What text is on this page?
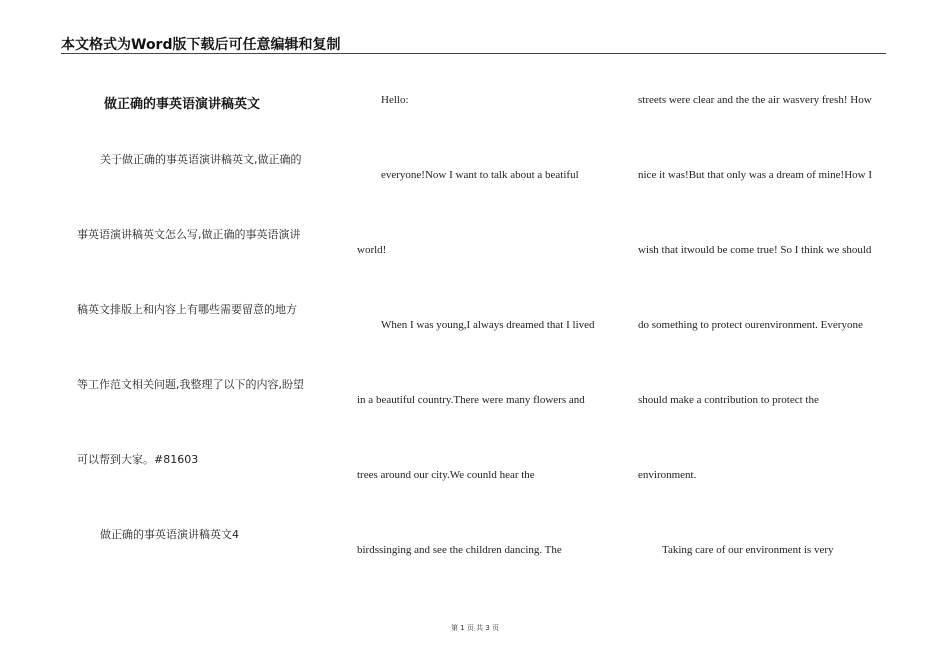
本文格式为Word版下载后可任意编辑和复制
做正确的事英语演讲稿英文
关于做正确的事英语演讲稿英文,做正确的
事英语演讲稿英文怎么写,做正确的事英语演讲
稿英文排版上和内容上有哪些需要留意的地方
等工作范文相关问题,我整理了以下的内容,盼望
可以帮到大家。#81603
做正确的事英语演讲稿英文4
Hello:
everyone!Now I want to talk about a beatiful
world!
When I was young,I always dreamed that I lived
in a beautiful country.There were many flowers and
trees around our city.We counld hear the
birdssinging and see the children dancing. The
streets were clear and the the air wasvery fresh! How
nice it was!But that only was a dream of mine!How I
wish that itwould be come true! So I think we should
do something to protect ourenvironment. Everyone
should make a contribution to protect the
environment.
Taking care of our environment is very
第 1 页 共 3 页
